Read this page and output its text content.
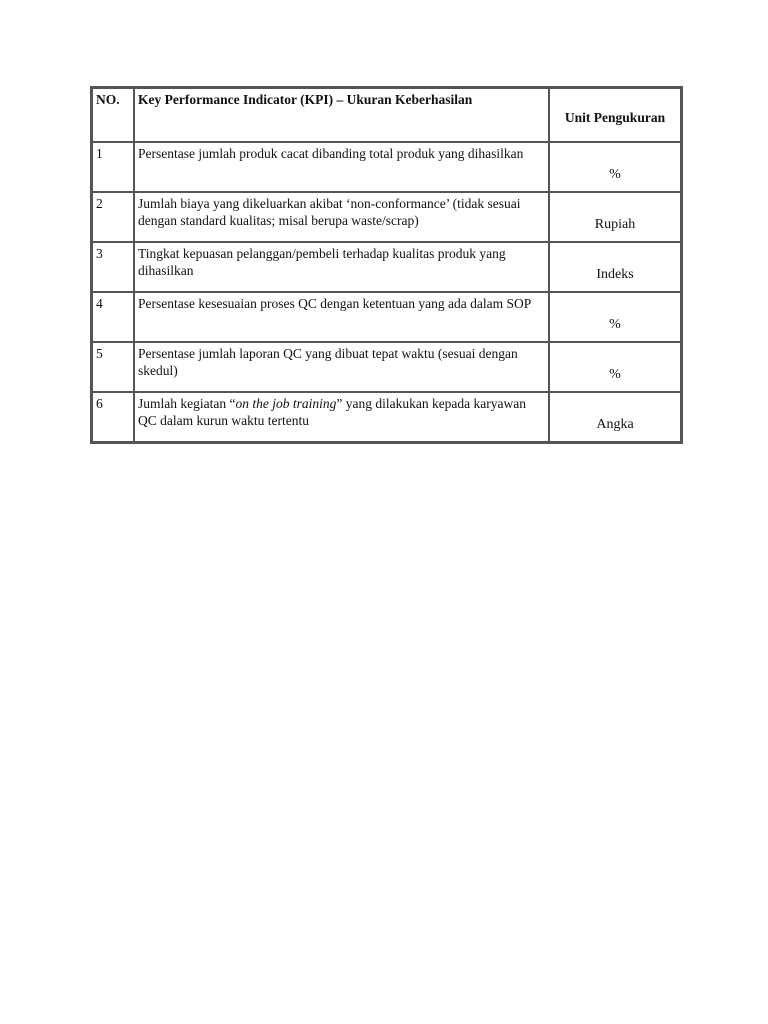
NO.	Key Performance Indicator (KPI) – Ukuran Keberhasilan	Unit Pengukuran

1	Persentase jumlah produk cacat dibanding total produk yang dihasilkan	%

2	Jumlah biaya yang dikeluarkan akibat ‘non-conformance’ (tidak sesuai dengan standard kualitas; misal berupa waste/scrap)	Rupiah

3	Tingkat kepuasan pelanggan/pembeli terhadap kualitas produk yang dihasilkan	Indeks

4	Persentase kesesuaian proses QC dengan ketentuan yang ada dalam SOP	%

5	Persentase jumlah laporan QC yang dibuat tepat waktu (sesuai dengan skedul)	%

6	Jumlah kegiatan “on the job training” yang dilakukan kepada karyawan QC dalam kurun waktu tertentu	Angka
